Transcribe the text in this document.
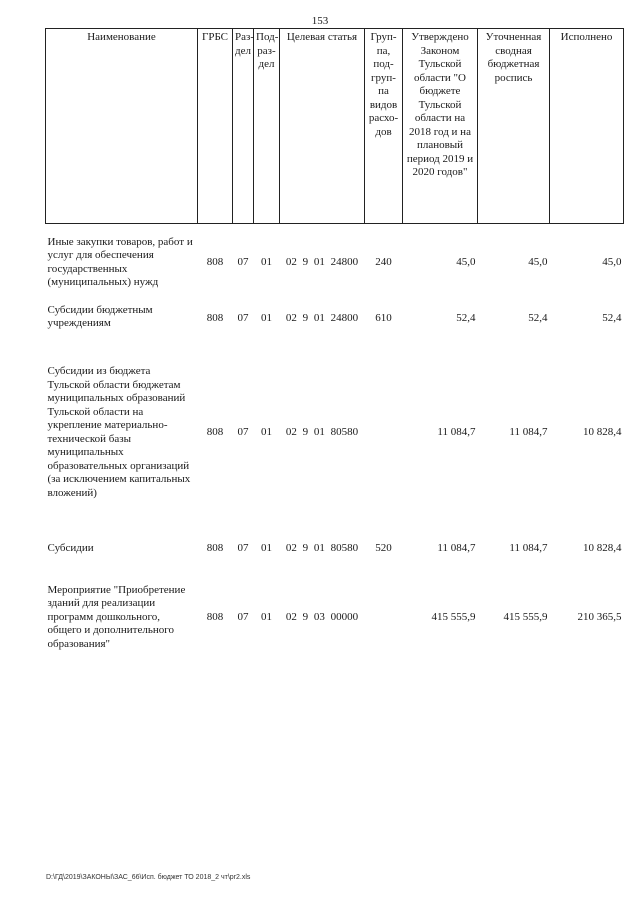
153
Наименование	ГРБС	Раз-дел	Под-раз-дел	Целевая статья	Груп-па, под-груп-па видов расхо-дов	Утверждено Законом Тульской области "О бюджете Тульской области на 2018 год и на плановый период 2019 и 2020 годов"	Уточненная сводная бюджетная роспись	Исполнено
Иные закупки товаров, работ и услуг для обеспечения государственных (муниципальных) нужд	808	07	01	02 9 01 24800	240	45,0	45,0	45,0
Субсидии бюджетным учреждениям	808	07	01	02 9 01 24800	610	52,4	52,4	52,4

Субсидии из бюджета Тульской области бюджетам муниципальных образований Тульской области на укрепление материально-технической базы муниципальных образовательных организаций (за исключением капитальных вложений)	808	07	01	02 9 01 80580		11 084,7	11 084,7	10 828,4

Субсидии	808	07	01	02 9 01 80580	520	11 084,7	11 084,7	10 828,4

Мероприятие "Приобретение зданий для реализации программ дошкольного, общего и дополнительного образования"	808	07	01	02 9 03 00000		415 555,9	415 555,9	210 365,5
D:\ГД\2019\ЗАКОНЫ\ЗАС_66\Исп. бюджет ТО 2018_2 чт\pr2.xls
